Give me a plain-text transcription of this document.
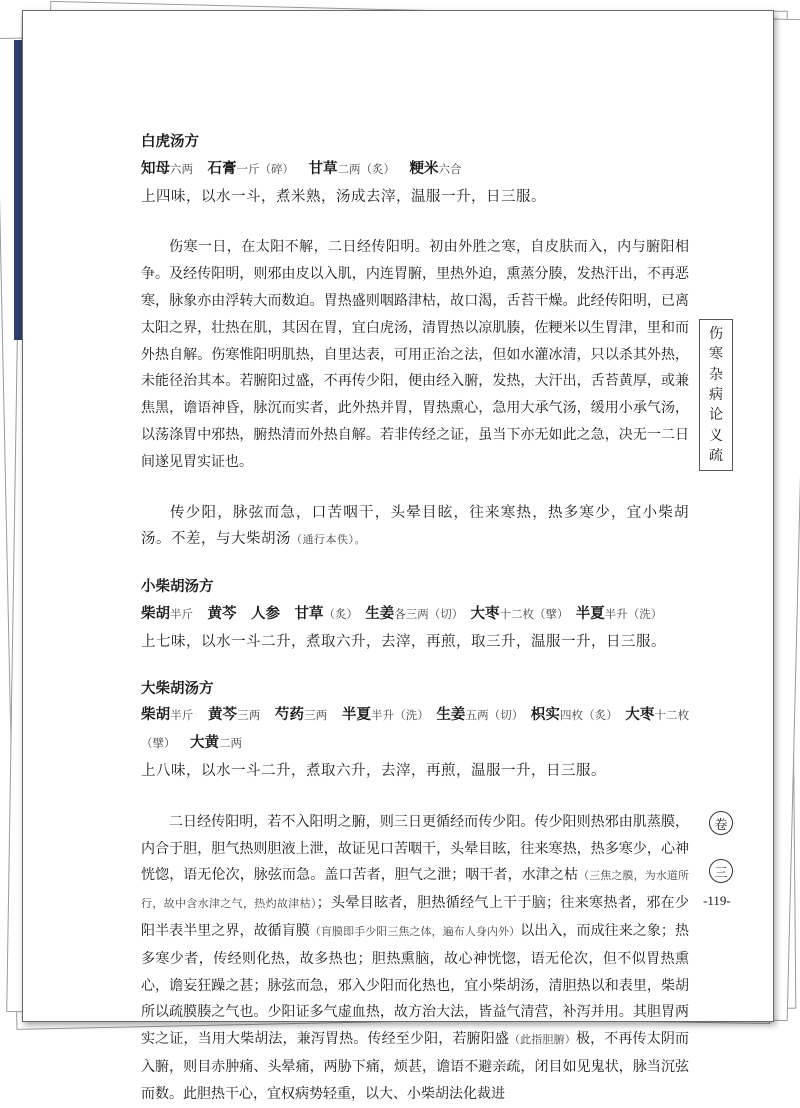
白虎汤方

知母六两  石膏一斤（碎）  甘草二两（炙）  粳米六合

上四味，以水一斗，煮米熟，汤成去滓，温服一升，日三服。

伤寒一日，在太阳不解，二日经传阳明。初由外胜之寒，自皮肤而入，内与腑阳相争。及经传阳明，则邪由皮以入肌，内连胃腑，里热外迫，熏蒸分腠，发热汗出，不再恶寒，脉象亦由浮转大而数迫。胃热盛则咽路津枯，故口渴，舌苔干燥。此经传阳明，已离太阳之界，壮热在肌，其因在胃，宜白虎汤，清胃热以凉肌腠，佐粳米以生胃津，里和而外热自解。伤寒惟阳明肌热，自里达表，可用正治之法，但如水灌冰清，只以杀其外热，未能径治其本。若腑阳过盛，不再传少阳，便由经入腑，发热，大汗出，舌苔黄厚，或兼焦黑，谵语神昏，脉沉而实者，此外热并胃，胃热熏心，急用大承气汤，缓用小承气汤，以荡涤胃中邪热，腑热清而外热自解。若非传经之证，虽当下亦无如此之急，决无一二日间遂见胃实证也。

传少阳，脉弦而急，口苦咽干，头晕目眩，往来寒热，热多寒少，宜小柴胡汤。不差，与大柴胡汤（通行本佚）。

小柴胡汤方

柴胡半斤  黄芩  人参  甘草（炙）  生姜各三两（切）  大枣十二枚（擘）  半夏半升（洗）

上七味，以水一斗二升，煮取六升，去滓，再煎，取三升，温服一升，日三服。

大柴胡汤方

柴胡半斤  黄芩三两  芍药三两  半夏半升（洗）  生姜五两（切）  枳实四枚（炙）  大枣十二枚（擘）  大黄二两

上八味，以水一斗二升，煮取六升，去滓，再煎，温服一升，日三服。

二日经传阳明，若不入阳明之腑，则三日更循经而传少阳。传少阳则热邪由肌蒸膜，内合于胆，胆气热则胆液上泄，故证见口苦咽干，头晕目眩，往来寒热，热多寒少，心神恍惚，语无伦次，脉弦而急。盖口苦者，胆气之泄；咽干者，水津之枯（三焦之膜，为水道所行，故中含水津之气，热灼故津枯）；头晕目眩者，胆热循经气上干于脑；往来寒热者，邪在少阳半表半里之界，故循肓膜（肓膜即手少阳三焦之体，遍布人身内外）以出入，而成往来之象；热多寒少者，传经则化热，故多热也；胆热熏脑，故心神恍惚，语无伦次，但不似胃热熏心，谵妄狂躁之甚；脉弦而急，邪入少阳而化热也，宜小柴胡汤，清胆热以和表里，柴胡所以疏膜腠之气也。少阳证多气虚血热，故方治大法，皆益气清营，补泻并用。其胆胃两实之证，当用大柴胡法，兼泻胃热。传经至少阳，若腑阳盛（此指胆腑）极，不再传太阴而入腑，则目赤肿痛、头晕痛，两胁下痛，烦甚，谵语不避亲疏，闭目如见鬼状，脉当沉弦而数。此胆热干心，宜权病势轻重，以大、小柴胡法化裁进

伤
寒
杂
病
论
义
疏
卷
三
-119-
